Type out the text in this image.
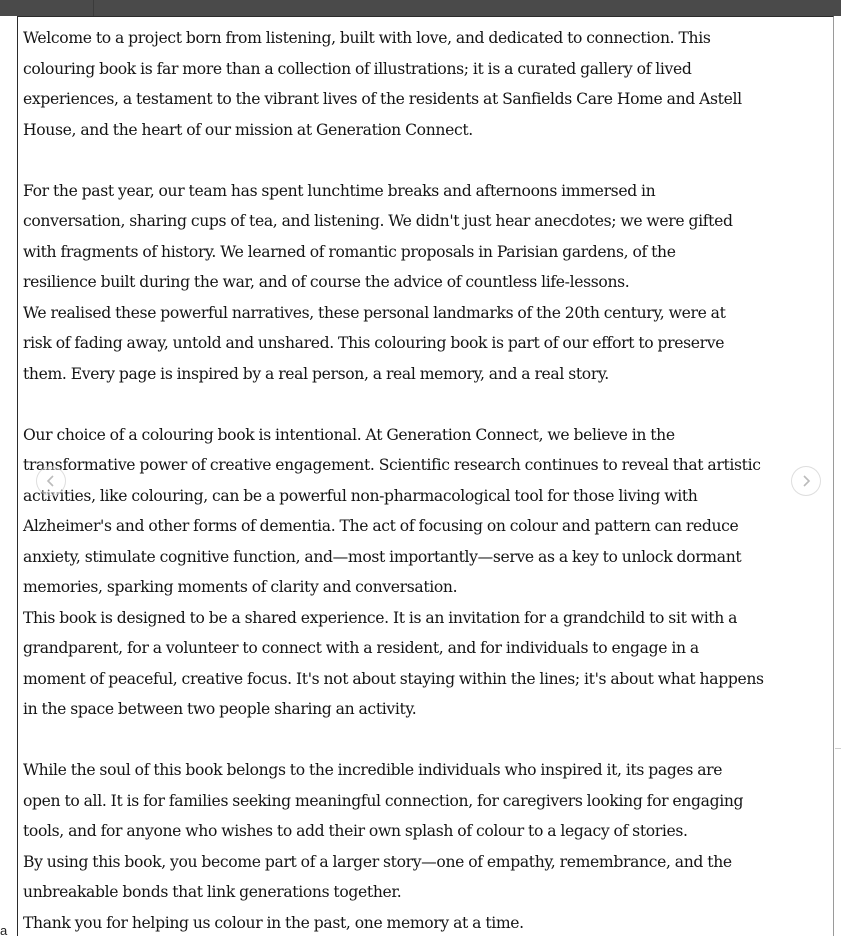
a
Welcome to a project born from listening, built with love, and dedicated to connection. This
colouring book is far more than a collection of illustrations; it is a curated gallery of lived
experiences, a testament to the vibrant lives of the residents at Sanfields Care Home and Astell
House, and the heart of our mission at Generation Connect.
For the past year, our team has spent lunchtime breaks and afternoons immersed in
conversation, sharing cups of tea, and listening. We didn't just hear anecdotes; we were gifted
with fragments of history. We learned of romantic proposals in Parisian gardens, of the
resilience built during the war, and of course the advice of countless life-lessons.
We realised these powerful narratives, these personal landmarks of the 20th century, were at
risk of fading away, untold and unshared. This colouring book is part of our effort to preserve
them. Every page is inspired by a real person, a real memory, and a real story.
Our choice of a colouring book is intentional. At Generation Connect, we believe in the
transformative power of creative engagement. Scientific research continues to reveal that artistic
activities, like colouring, can be a powerful non-pharmacological tool for those living with
Alzheimer's and other forms of dementia. The act of focusing on colour and pattern can reduce
anxiety, stimulate cognitive function, and—most importantly—serve as a key to unlock dormant
memories, sparking moments of clarity and conversation.
This book is designed to be a shared experience. It is an invitation for a grandchild to sit with a
grandparent, for a volunteer to connect with a resident, and for individuals to engage in a
moment of peaceful, creative focus. It's not about staying within the lines; it's about what happens
in the space between two people sharing an activity.
While the soul of this book belongs to the incredible individuals who inspired it, its pages are
open to all. It is for families seeking meaningful connection, for caregivers looking for engaging
tools, and for anyone who wishes to add their own splash of colour to a legacy of stories.
By using this book, you become part of a larger story—one of empathy, remembrance, and the
unbreakable bonds that link generations together.
Thank you for helping us colour in the past, one memory at a time.
